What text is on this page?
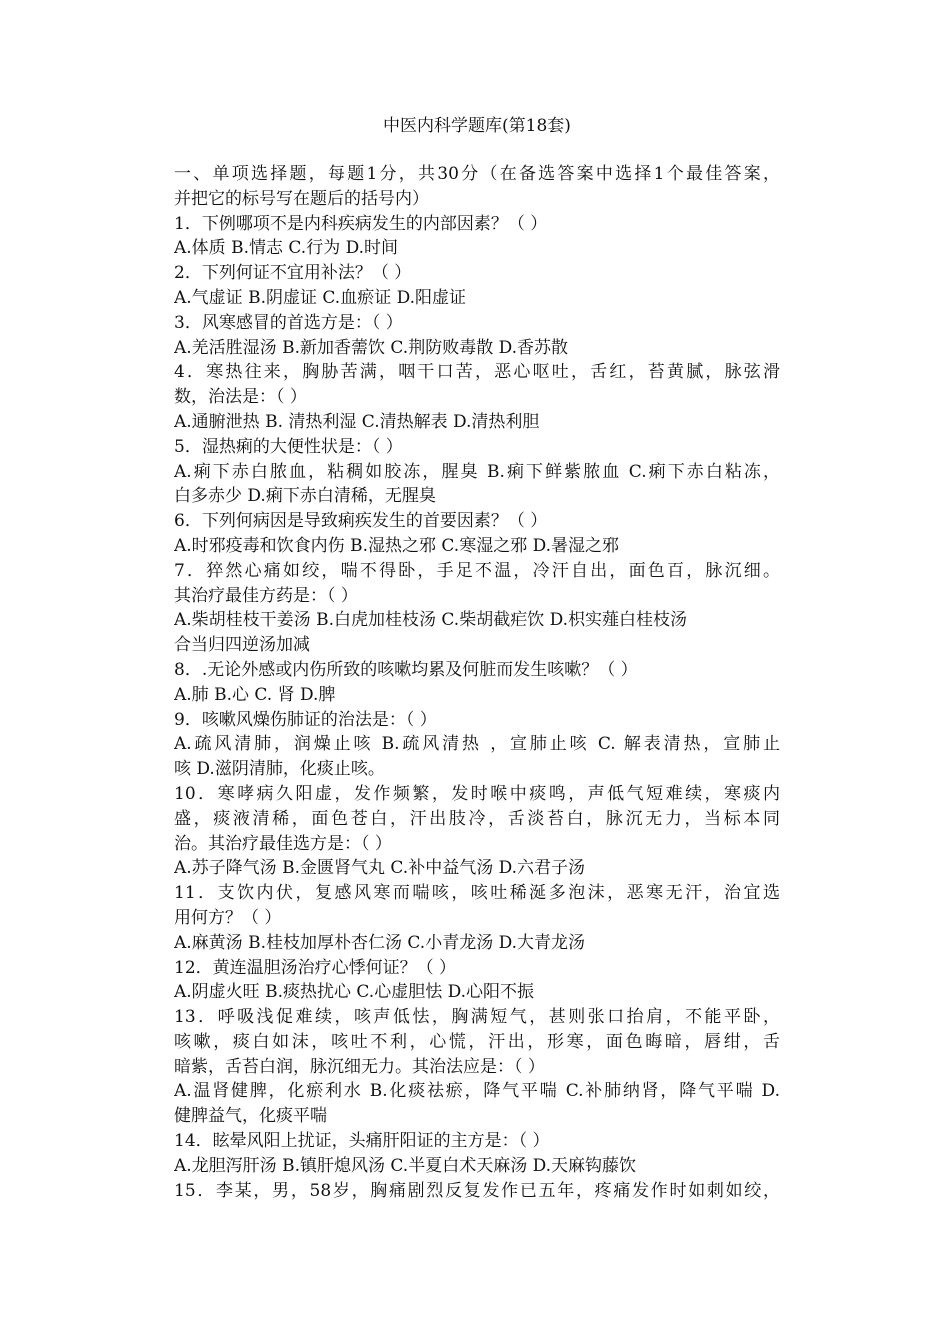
中医内科学题库(第18套)
一、单项选择题，每题1分，共30分（在备选答案中选择1个最佳答案，
并把它的标号写在题后的括号内）
1．下例哪项不是内科疾病发生的内部因素？（ ）
A.体质 B.情志 C.行为 D.时间
2．下列何证不宜用补法？（ ）
A.气虚证 B.阴虚证 C.血瘀证 D.阳虚证
3．风寒感冒的首选方是：（ ）
A.羌活胜湿汤 B.新加香薷饮 C.荆防败毒散 D.香苏散
4．寒热往来，胸胁苦满，咽干口苦，恶心呕吐，舌红，苔黄腻，脉弦滑
数，治法是：（ ）
A.通腑泄热 B. 清热利湿 C.清热解表 D.清热利胆
5．湿热痢的大便性状是：（ ）
A.痢下赤白脓血，粘稠如胶冻，腥臭 B.痢下鲜紫脓血 C.痢下赤白粘冻，
白多赤少 D.痢下赤白清稀，无腥臭
6．下列何病因是导致痢疾发生的首要因素？（ ）
A.时邪疫毒和饮食内伤 B.湿热之邪 C.寒湿之邪 D.暑湿之邪
7．猝然心痛如绞，喘不得卧，手足不温，冷汗自出，面色百，脉沉细。
其治疗最佳方药是：（ ）
A.柴胡桂枝干姜汤 B.白虎加桂枝汤 C.柴胡截疟饮 D.枳实薤白桂枝汤
合当归四逆汤加减
8．.无论外感或内伤所致的咳嗽均累及何脏而发生咳嗽？（ ）
A.肺 B.心 C. 肾 D.脾
9．咳嗽风燥伤肺证的治法是：（ ）
A.疏风清肺，润燥止咳 B.疏风清热 ，宣肺止咳 C. 解表清热，宣肺止
咳 D.滋阴清肺，化痰止咳。
10．寒哮病久阳虚，发作频繁，发时喉中痰鸣，声低气短难续，寒痰内
盛，痰液清稀，面色苍白，汗出肢冷，舌淡苔白，脉沉无力，当标本同
治。其治疗最佳选方是：（ ）
A.苏子降气汤 B.金匮肾气丸 C.补中益气汤 D.六君子汤
11．支饮内伏，复感风寒而喘咳，咳吐稀涎多泡沫，恶寒无汗，治宜选
用何方？（ ）
A.麻黄汤 B.桂枝加厚朴杏仁汤 C.小青龙汤 D.大青龙汤
12．黄连温胆汤治疗心悸何证？（ ）
A.阴虚火旺 B.痰热扰心 C.心虚胆怯 D.心阳不振
13．呼吸浅促难续，咳声低怯，胸满短气，甚则张口抬肩，不能平卧，
咳嗽，痰白如沫，咳吐不利，心慌，汗出，形寒，面色晦暗，唇绀，舌
暗紫，舌苔白润，脉沉细无力。其治法应是：（ ）
A.温肾健脾，化瘀利水 B.化痰祛瘀，降气平喘 C.补肺纳肾，降气平喘 D.
健脾益气，化痰平喘
14．眩晕风阳上扰证，头痛肝阳证的主方是：（ ）
A.龙胆泻肝汤 B.镇肝熄风汤 C.半夏白术天麻汤 D.天麻钩藤饮
15．李某，男，58岁，胸痛剧烈反复发作已五年，疼痛发作时如刺如绞，
